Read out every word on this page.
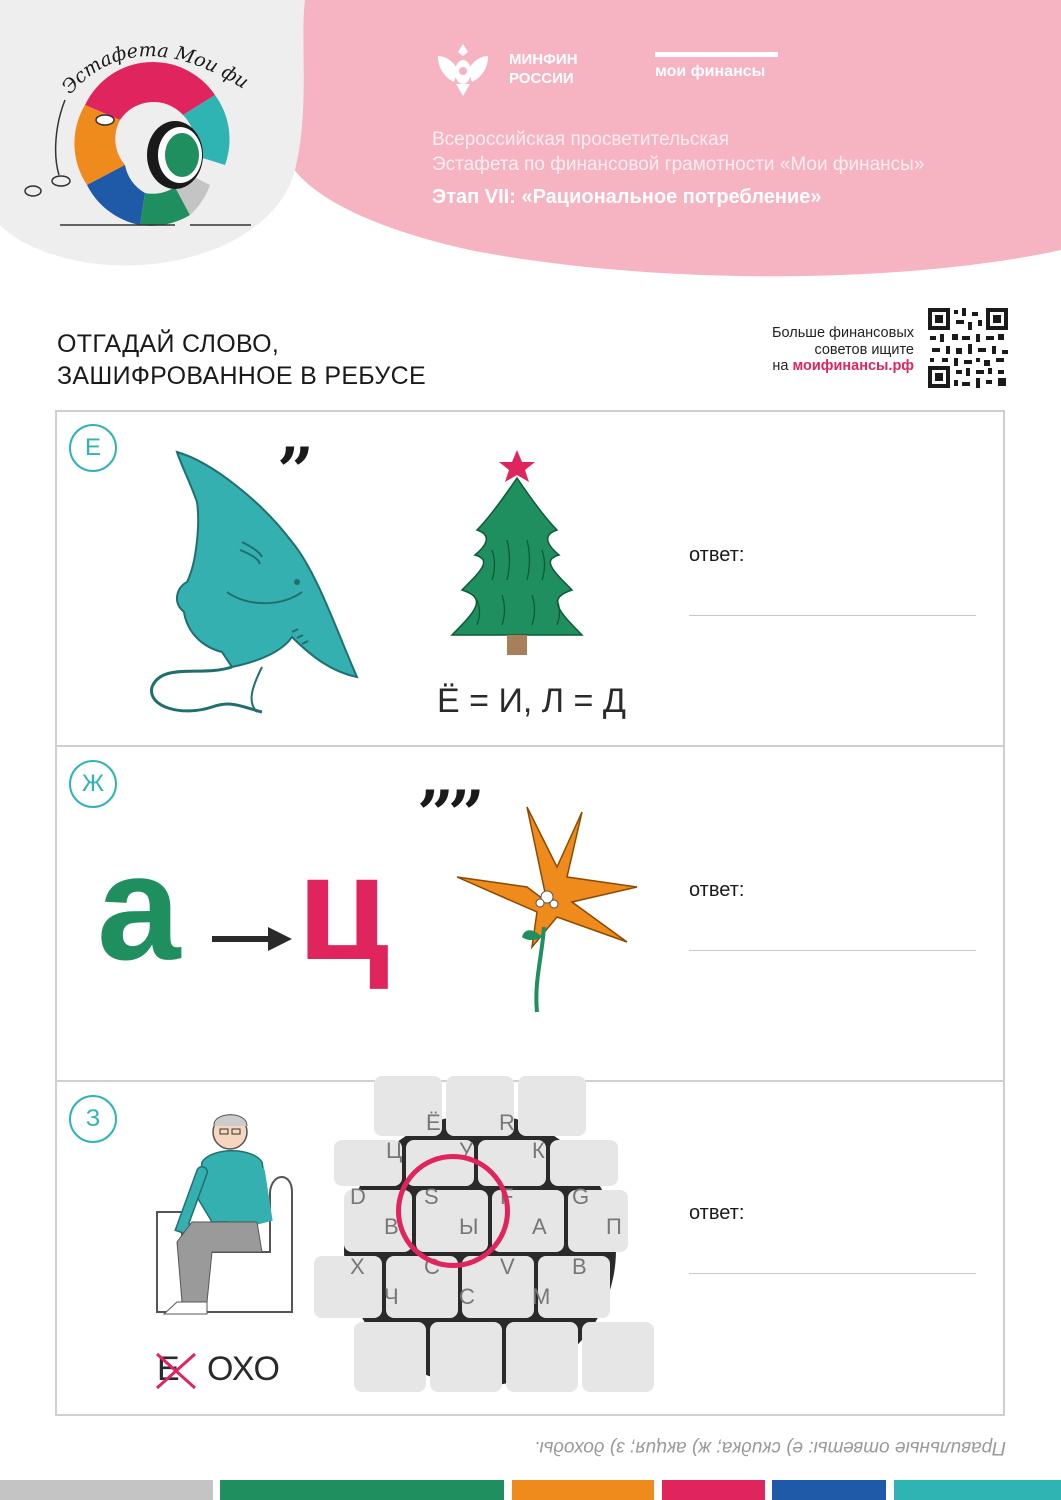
Эстафета Мои фи
МИНФИН
РОССИИ	мои финансы
Всероссийская просветительская
Эстафета по финансовой грамотности «Мои финансы»
Этап VII: «Рациональное потребление»
ОТГАДАЙ СЛОВО,
ЗАШИФРОВАННОЕ В РЕБУСЕ
Больше финансовых
советов ищите
на моифинансы.рф
Е	”
Ё = И, Л = Д
ответ:
Ж
а ц
””
ответ:
З
Е ОХО
Ё	R
Ц	У	К
D	S	F	G
В	Ы А	П
X	C	V	B
Ч	С	М
ответ:
Правильные ответы: е) скидка; ж) акция; з) доходы.
